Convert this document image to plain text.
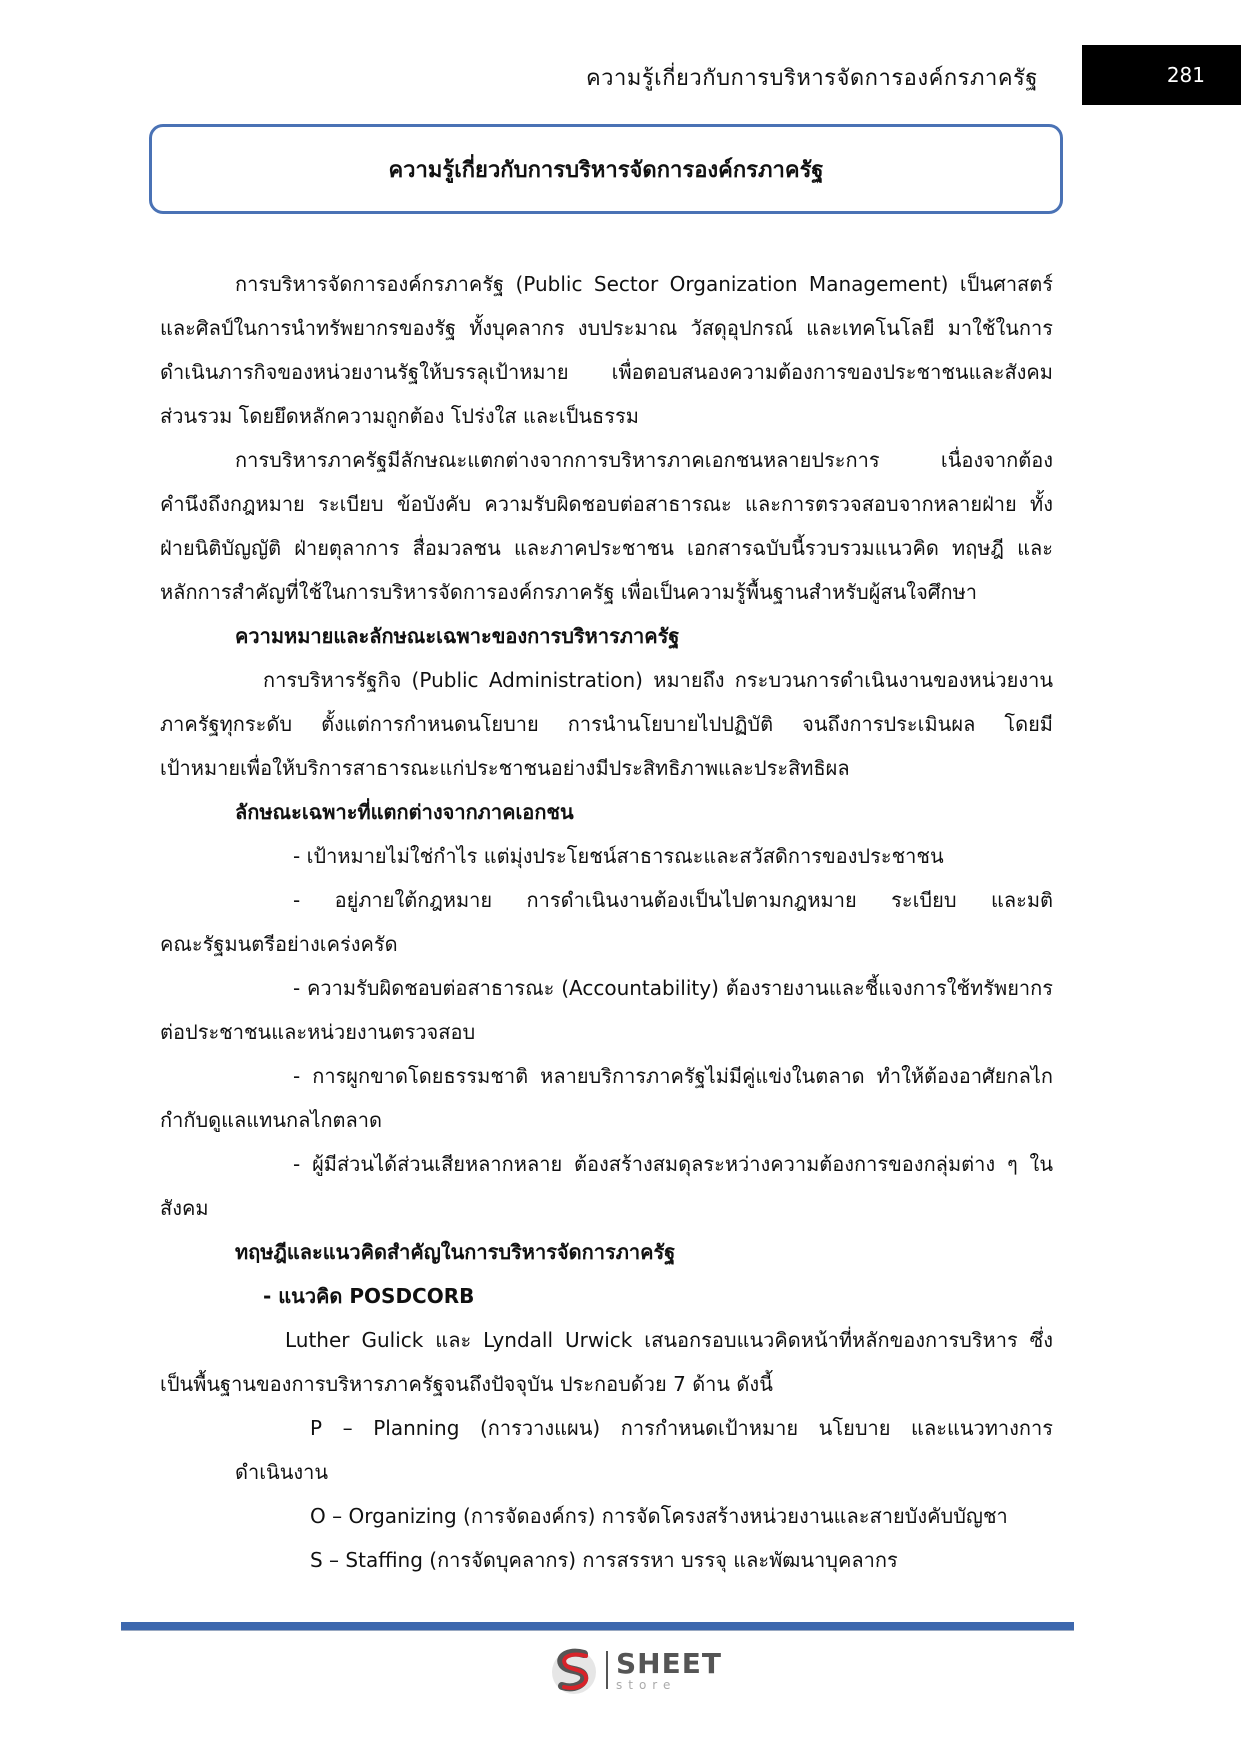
ความรู้เกี่ยวกับการบริหารจัดการองค์กรภาครัฐ	281
ความรู้เกี่ยวกับการบริหารจัดการองค์กรภาครัฐ
การบริหารจัดการองค์กรภาครัฐ (Public Sector Organization Management) เป็นศาสตร์
และศิลป์ในการนำทรัพยากรของรัฐ ทั้งบุคลากร งบประมาณ วัสดุอุปกรณ์ และเทคโนโลยี มาใช้ในการ
ดำเนินภารกิจของหน่วยงานรัฐให้บรรลุเป้าหมาย เพื่อตอบสนองความต้องการของประชาชนและสังคม
ส่วนรวม โดยยึดหลักความถูกต้อง โปร่งใส และเป็นธรรม
การบริหารภาครัฐมีลักษณะแตกต่างจากการบริหารภาคเอกชนหลายประการ เนื่องจากต้อง
คำนึงถึงกฎหมาย ระเบียบ ข้อบังคับ ความรับผิดชอบต่อสาธารณะ และการตรวจสอบจากหลายฝ่าย ทั้ง
ฝ่ายนิติบัญญัติ ฝ่ายตุลาการ สื่อมวลชน และภาคประชาชน เอกสารฉบับนี้รวบรวมแนวคิด ทฤษฎี และ
หลักการสำคัญที่ใช้ในการบริหารจัดการองค์กรภาครัฐ เพื่อเป็นความรู้พื้นฐานสำหรับผู้สนใจศึกษา
ความหมายและลักษณะเฉพาะของการบริหารภาครัฐ
การบริหารรัฐกิจ (Public Administration) หมายถึง กระบวนการดำเนินงานของหน่วยงาน
ภาครัฐทุกระดับ ตั้งแต่การกำหนดนโยบาย การนำนโยบายไปปฏิบัติ จนถึงการประเมินผล โดยมี
เป้าหมายเพื่อให้บริการสาธารณะแก่ประชาชนอย่างมีประสิทธิภาพและประสิทธิผล
ลักษณะเฉพาะที่แตกต่างจากภาคเอกชน
- เป้าหมายไม่ใช่กำไร แต่มุ่งประโยชน์สาธารณะและสวัสดิการของประชาชน
- อยู่ภายใต้กฎหมาย การดำเนินงานต้องเป็นไปตามกฎหมาย ระเบียบ และมติ
คณะรัฐมนตรีอย่างเคร่งครัด
- ความรับผิดชอบต่อสาธารณะ (Accountability) ต้องรายงานและชี้แจงการใช้ทรัพยากร
ต่อประชาชนและหน่วยงานตรวจสอบ
- การผูกขาดโดยธรรมชาติ หลายบริการภาครัฐไม่มีคู่แข่งในตลาด ทำให้ต้องอาศัยกลไก
กำกับดูแลแทนกลไกตลาด
- ผู้มีส่วนได้ส่วนเสียหลากหลาย ต้องสร้างสมดุลระหว่างความต้องการของกลุ่มต่าง ๆ ใน
สังคม
ทฤษฎีและแนวคิดสำคัญในการบริหารจัดการภาครัฐ
- แนวคิด POSDCORB
Luther Gulick และ Lyndall Urwick เสนอกรอบแนวคิดหน้าที่หลักของการบริหาร ซึ่ง
เป็นพื้นฐานของการบริหารภาครัฐจนถึงปัจจุบัน ประกอบด้วย 7 ด้าน ดังนี้
P – Planning (การวางแผน) การกำหนดเป้าหมาย นโยบาย และแนวทางการ
ดำเนินงาน
O – Organizing (การจัดองค์กร) การจัดโครงสร้างหน่วยงานและสายบังคับบัญชา
S – Staffing (การจัดบุคลากร) การสรรหา บรรจุ และพัฒนาบุคลากร
SHEET
store
